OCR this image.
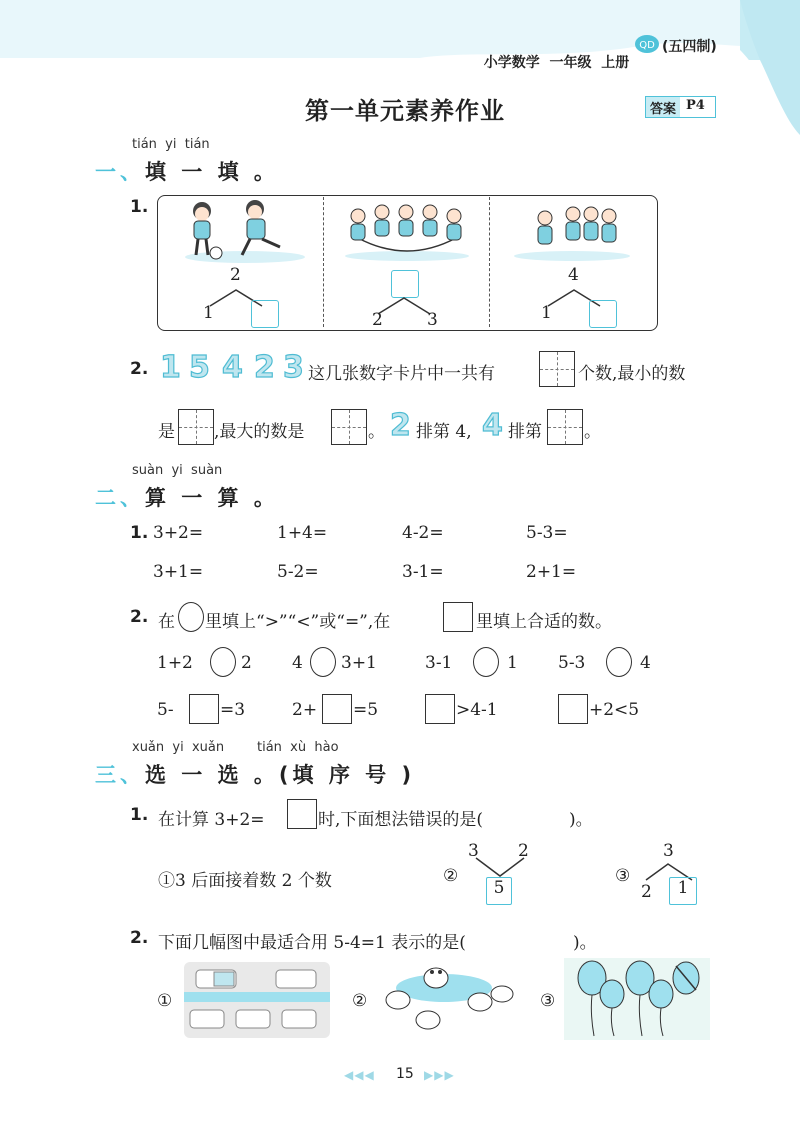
小学数学 一年级 上册

QD (五四制)
第一单元素养作业	答案 P4
tián  yi  tián
一、填 一 填 。
1.
2
1	2	3
4
1
2. 1 5 4 2 3 这几张数字卡片中一共有	个数,最小的数
是 ,最大的数是	。 2 排第 4, 4 排第 。
suàn  yi  suàn
二、算 一 算 。
1. 3+2=	1+4=	4-2=	5-3=
3+1=	5-2=	3-1=	2+1=
2. 在 里填上“>”“<”或“=”,在	里填上合适的数。
1+2	2 4 3+1	3-1	1 5-3	4
5-	=3	2+ =5	>4-1	+2<5
xuǎn  yi  xuǎn	tián  xù  hào
三、选 一 选 。(填 序 号 )
1. 在计算 3+2=	时,下面想法错误的是(	)。
①3 后面接着数 2 个数	②
3 2
5
③
3
2	1
2. 下面几幅图中最适合用 5-4=1 表示的是(	)。
①	②	③
◀◀◀ 15 ▶▶▶
